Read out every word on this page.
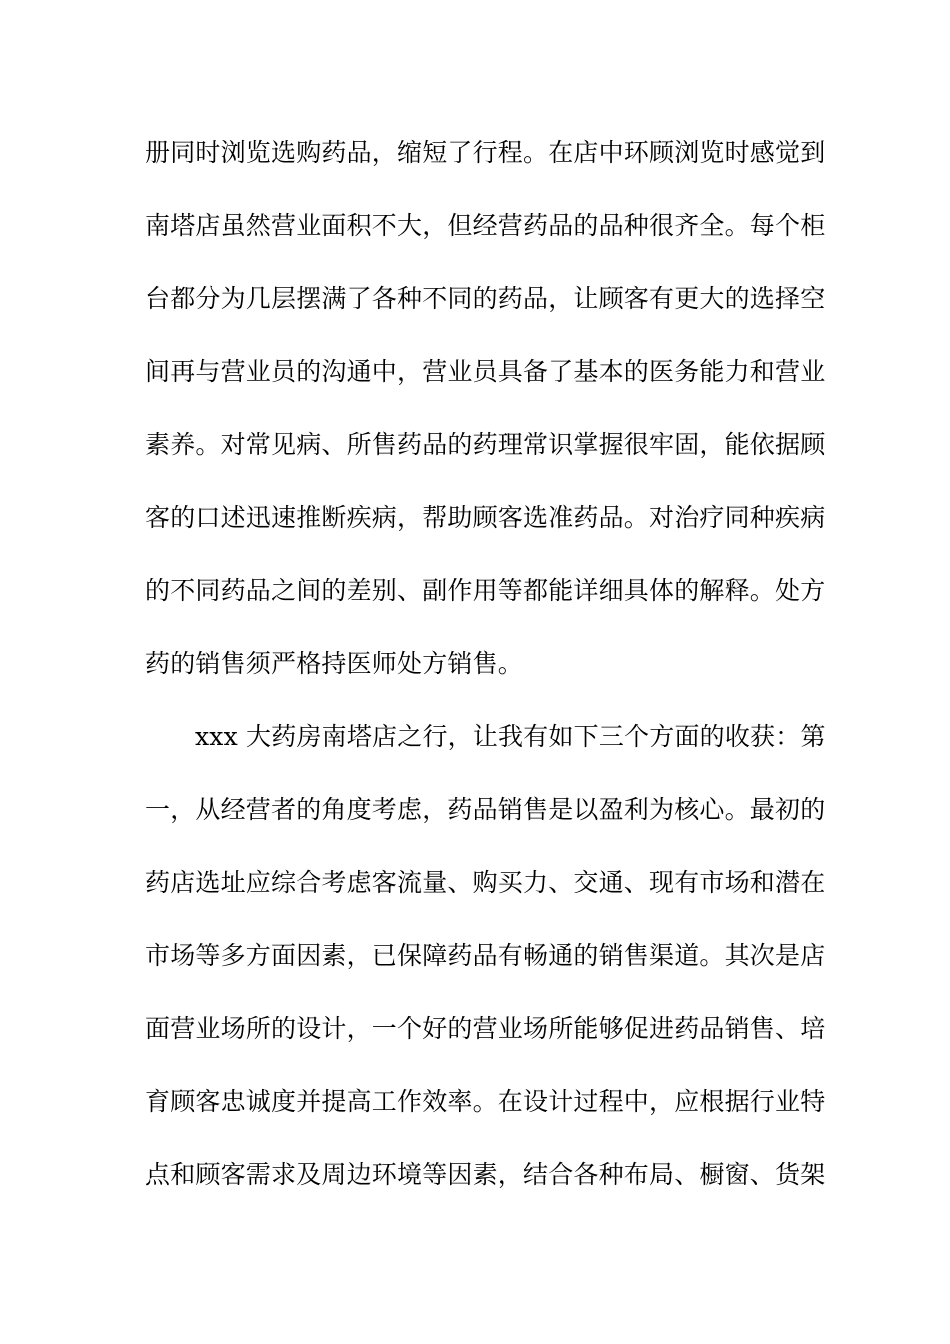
册同时浏览选购药品，缩短了行程。在店中环顾浏览时感觉到
南塔店虽然营业面积不大，但经营药品的品种很齐全。每个柜
台都分为几层摆满了各种不同的药品，让顾客有更大的选择空
间再与营业员的沟通中，营业员具备了基本的医务能力和营业
素养。对常见病、所售药品的药理常识掌握很牢固，能依据顾
客的口述迅速推断疾病，帮助顾客选准药品。对治疗同种疾病
的不同药品之间的差别、副作用等都能详细具体的解释。处方
药的销售须严格持医师处方销售。
xxx 大药房南塔店之行，让我有如下三个方面的收获：第
一，从经营者的角度考虑，药品销售是以盈利为核心。最初的
药店选址应综合考虑客流量、购买力、交通、现有市场和潜在
市场等多方面因素，已保障药品有畅通的销售渠道。其次是店
面营业场所的设计，一个好的营业场所能够促进药品销售、培
育顾客忠诚度并提高工作效率。在设计过程中，应根据行业特
点和顾客需求及周边环境等因素，结合各种布局、橱窗、货架
